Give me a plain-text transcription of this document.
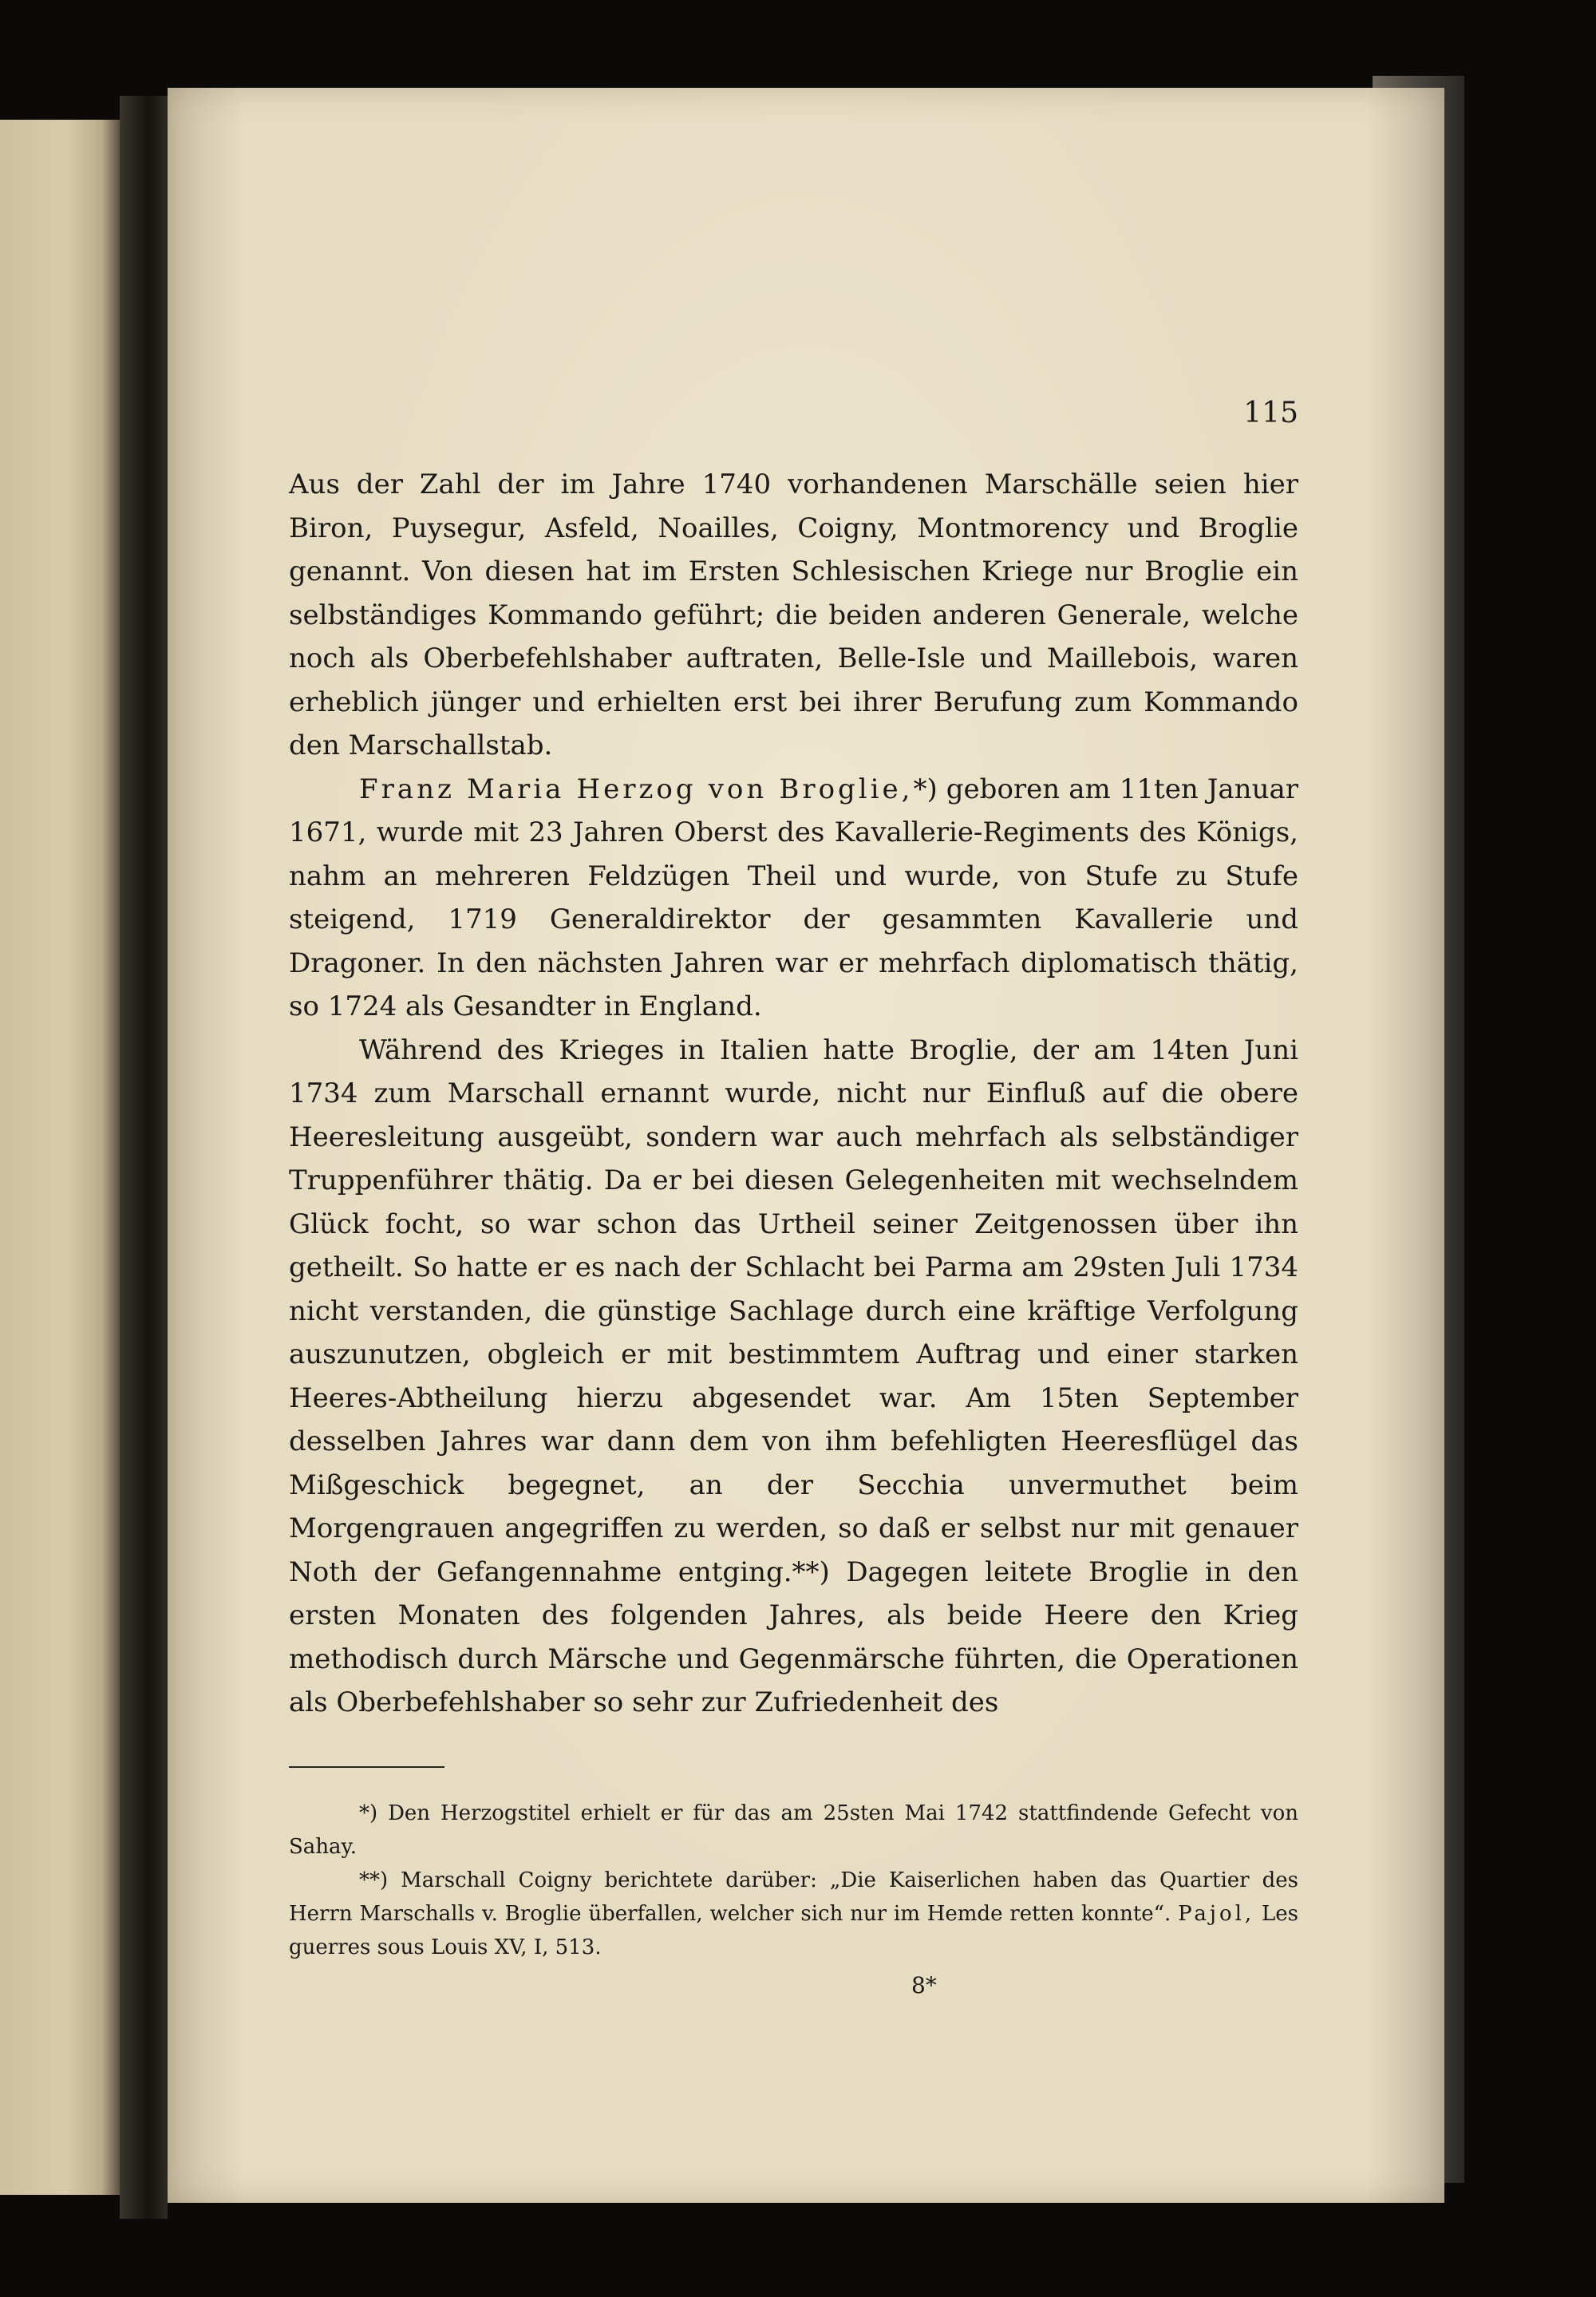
115

Aus der Zahl der im Jahre 1740 vorhandenen Marschälle seien hier Biron, Puysegur, Asfeld, Noailles, Coigny, Montmorency und Broglie genannt. Von diesen hat im Ersten Schlesischen Kriege nur Broglie ein selbständiges Kommando geführt; die beiden anderen Generale, welche noch als Oberbefehlshaber auftraten, Belle-Isle und Maillebois, waren erheblich jünger und erhielten erst bei ihrer Berufung zum Kommando den Marschallstab.

Franz Maria Herzog von Broglie,*) geboren am 11ten Januar 1671, wurde mit 23 Jahren Oberst des Kavallerie-Regiments des Königs, nahm an mehreren Feldzügen Theil und wurde, von Stufe zu Stufe steigend, 1719 Generaldirektor der gesammten Kavallerie und Dragoner. In den nächsten Jahren war er mehrfach diplomatisch thätig, so 1724 als Gesandter in England.

Während des Krieges in Italien hatte Broglie, der am 14ten Juni 1734 zum Marschall ernannt wurde, nicht nur Einfluß auf die obere Heeresleitung ausgeübt, sondern war auch mehrfach als selbständiger Truppenführer thätig. Da er bei diesen Gelegenheiten mit wechselndem Glück focht, so war schon das Urtheil seiner Zeitgenossen über ihn getheilt. So hatte er es nach der Schlacht bei Parma am 29sten Juli 1734 nicht verstanden, die günstige Sachlage durch eine kräftige Verfolgung auszunutzen, obgleich er mit bestimmtem Auftrag und einer starken Heeres-Abtheilung hierzu abgesendet war. Am 15ten September desselben Jahres war dann dem von ihm befehligten Heeresflügel das Mißgeschick begegnet, an der Secchia unvermuthet beim Morgengrauen angegriffen zu werden, so daß er selbst nur mit genauer Noth der Gefangennahme entging.**) Dagegen leitete Broglie in den ersten Monaten des folgenden Jahres, als beide Heere den Krieg methodisch durch Märsche und Gegenmärsche führten, die Operationen als Oberbefehlshaber so sehr zur Zufriedenheit des

*) Den Herzogstitel erhielt er für das am 25sten Mai 1742 stattfindende Gefecht von Sahay.

**) Marschall Coigny berichtete darüber: „Die Kaiserlichen haben das Quartier des Herrn Marschalls v. Broglie überfallen, welcher sich nur im Hemde retten konnte“. Pajol, Les guerres sous Louis XV, I, 513.

8*
